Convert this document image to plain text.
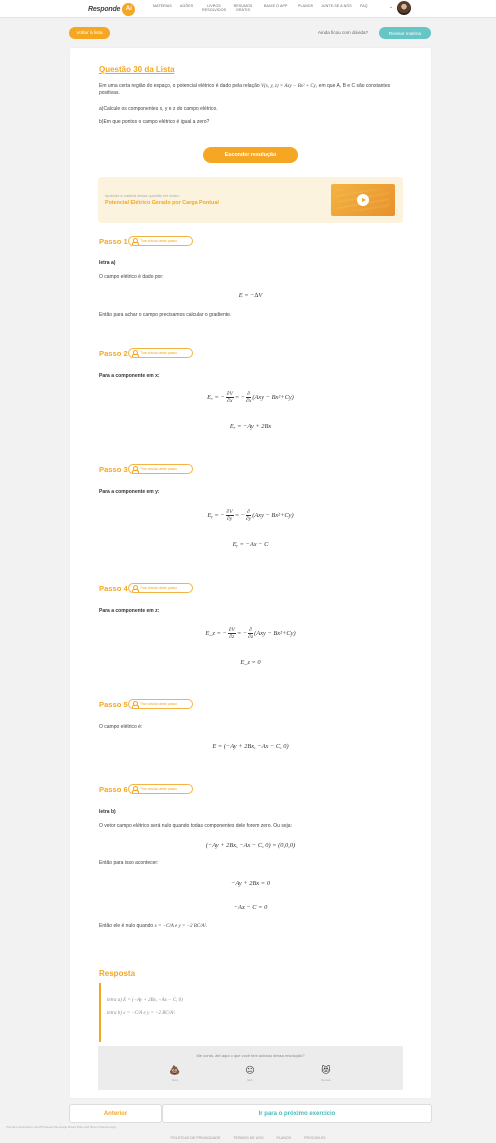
Responde Aí	MATÉRIAS AGÕES	LIVROS RESOLVIDOS
RESUMOS GRÁTIS
BAIXE O APP	PLANOS JUNTE-SE A NÓS FAQ	⌄
Voltar à lista	Ainda ficou com dúvida?	Revisar matéria
Questão 30 da Lista
Em uma certa região do espaço, o potencial elétrico é dado pela relação V(x, y, z) = Axy − Bx² + Cy, em que A, B e C são constantes positivas.
a)Calcule os componentes x, y e z do campo elétrico.
b)Em que pontos o campo elétrico é igual a zero?
Esconder resolução
Aprenda a matéria dessa questão em vídeo:
Potencial Elétrico Gerado por Carga Pontual
Passo 1	Tirar dúvida deste passo
letra a)
O campo elétrico é dado por:
E = −∆V
Então para achar o campo precisamos calcular o gradiente.
Passo 2	Tirar dúvida deste passo
Para a componente em x:
Eₓ = − $\frac{\partial V}{\partial x}$ = − $\frac{\partial}{\partial x} (Axy - Bx^2+Cy)$
Eₓ = −Ay + 2Bx
Passo 3	Tirar dúvida deste passo
Para a componente em y:
Eᵧ = − $\frac{\partial V}{\partial y}$ = − $\frac{\partial}{\partial y} (Axy - Bx^2+Cy)$
Eᵧ = −Ax − C
Passo 4	Tirar dúvida deste passo
Para a componente em z:
E_z = − $\frac{\partial V}{\partial z}$ = − $\frac{\partial}{\partial z} (Axy - Bx^2+Cy)$
E_z = 0
Passo 5	Tirar dúvida deste passo
O campo elétrico é:
E = (−Ay + 2Bx, −Ax − C, 0)
Passo 6	Tirar dúvida deste passo
letra b)
O vetor campo elétrico será nulo quando todas componentes dele forem zero. Ou seja:
(−Ay + 2Bx, −Ax − C, 0) = (0,0,0)
Então para isso acontecer:
−Ay + 2Bx = 0
−Ax − C = 0
Então ele é nulo quando x = −C/A e y = −2 BC/A².
Resposta
letra a) E = (−Ay + 2Bx, −Ax − C, 0)
letra b) x = −C/A e y = −2 BC/A².
Me conta, até aqui o que você tem achado dessa resolução?
💩
Ruim
😐
Meh
😻
Demais
Anterior	Ir para o próximo exercício
This site is protected by reCAPTCHA and the Google Privacy Policy and Terms of Service apply.
POLÍTICAS DE PRIVACIDADE	TERMOS DE USO	PLANOS	PROCON-RJ
